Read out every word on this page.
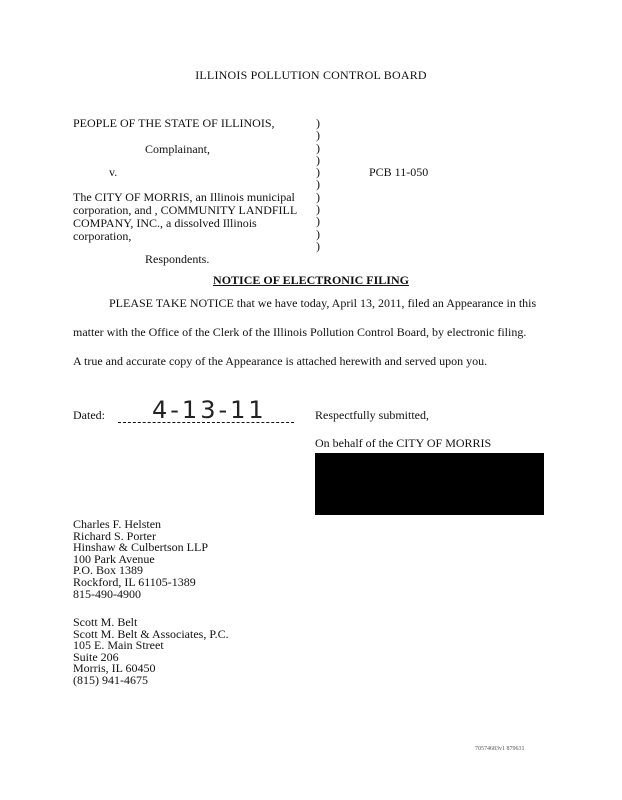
ILLINOIS POLLUTION CONTROL BOARD
PEOPLE OF THE STATE OF ILLINOIS,
Complainant,
v.
The CITY OF MORRIS, an Illinois municipal
corporation, and , COMMUNITY LANDFILL
COMPANY, INC., a dissolved Illinois
corporation,
Respondents.
)
)
)
)
)
)
)
)
)
)
)
PCB 11-050
NOTICE OF ELECTRONIC FILING
PLEASE TAKE NOTICE that we have today, April 13, 2011, filed an Appearance in this
matter with the Office of the Clerk of the Illinois Pollution Control Board, by electronic filing.
A true and accurate copy of the Appearance is attached herewith and served upon you.
Dated: 4-13-11	Respectfully submitted,
On behalf of the CITY OF MORRIS
Charles F. Helsten
Richard S. Porter
Hinshaw & Culbertson LLP
100 Park Avenue
P.O. Box 1389
Rockford, IL 61105-1389
815-490-4900
Scott M. Belt
Scott M. Belt & Associates, P.C.
105 E. Main Street
Suite 206
Morris, IL 60450
(815) 941-4675
70574683v1 879631
